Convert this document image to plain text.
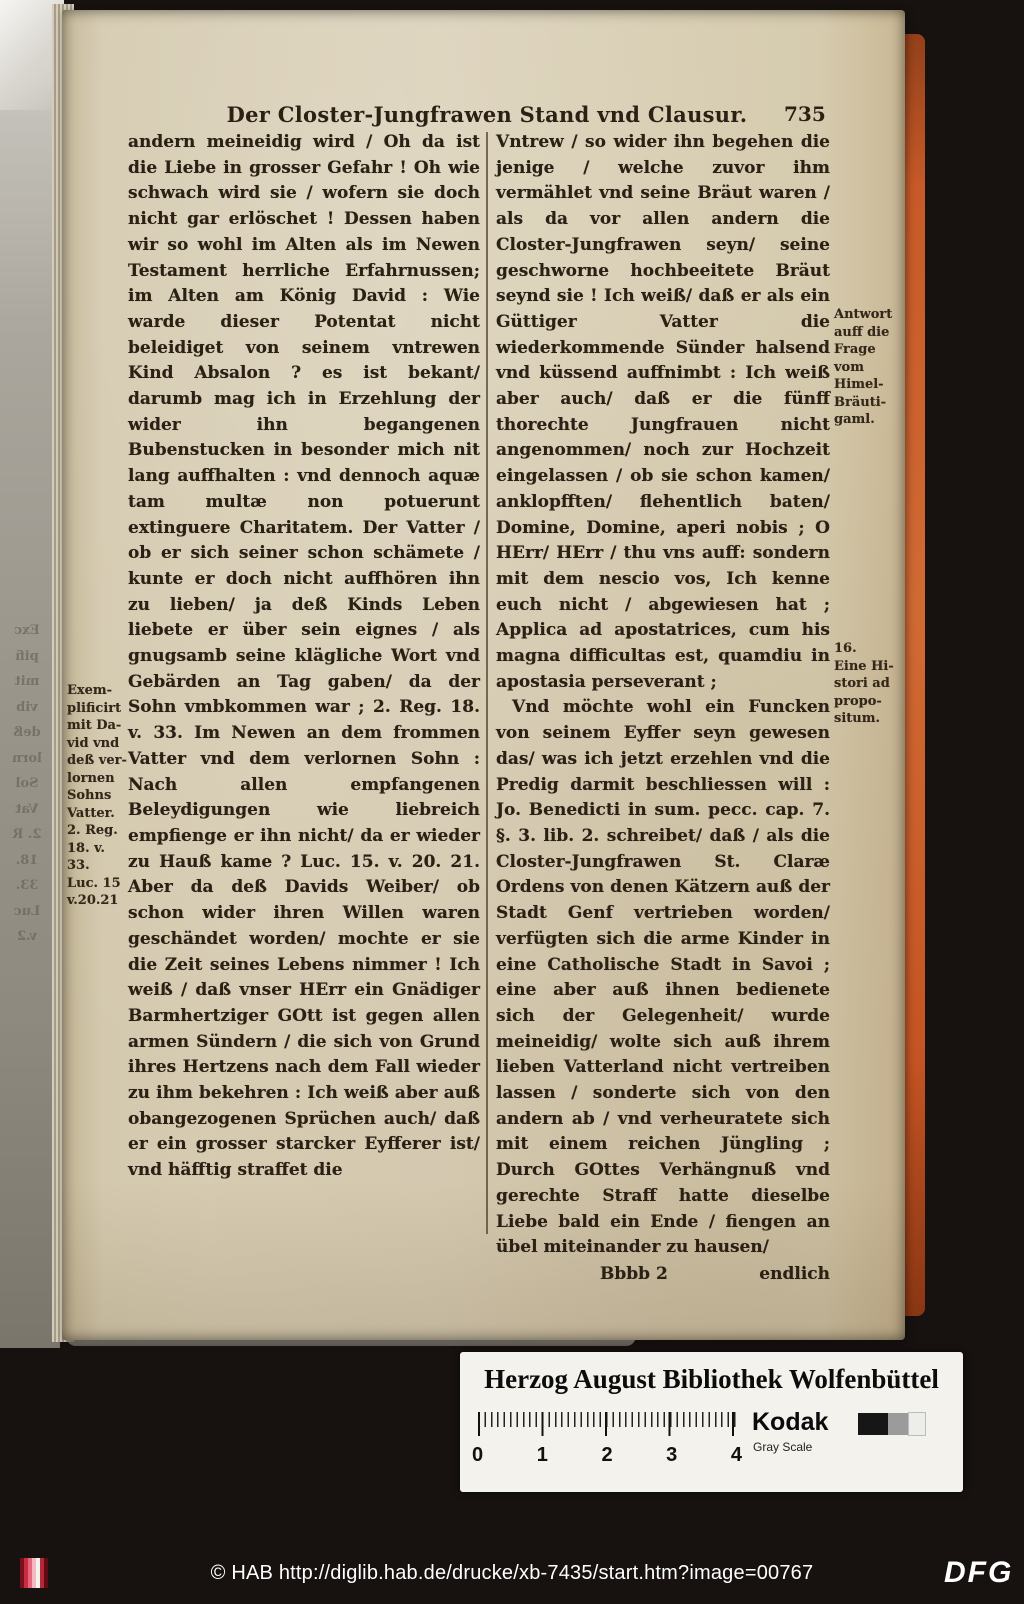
Exc
pifi
mit
vib
deß
lorn
Sol
Vat
2. R
18.
33.
Luc
v.2
Der Closter-Jungfrawen Stand vnd Clausur.	735
Exem-
plificirt
mit Da-
vid vnd
deß ver-
lornen
Sohns
Vatter.
2. Reg.
18. v.
33.
Luc. 15
v.20.21

andern meineidig wird / Oh da ist die Liebe in grosser Gefahr ! Oh wie schwach wird sie / wofern sie doch nicht gar erlöschet ! Dessen haben wir so wohl im Alten als im Newen Testament herrliche Erfahrnussen; im Alten am König David : Wie warde dieser Potentat nicht beleidiget von seinem vntrewen Kind Absalon ? es ist bekant/ darumb mag ich in Erzehlung der wider ihn begangenen Bubenstucken in besonder mich nit lang auffhalten : vnd dennoch aquæ tam multæ non potuerunt extinguere Charitatem. Der Vatter / ob er sich seiner schon schämete / kunte er doch nicht auffhören ihn zu lieben/ ja deß Kinds Leben liebete er über sein eignes / als gnugsamb seine klägliche Wort vnd Gebärden an Tag gaben/ da der Sohn vmbkommen war ; 2. Reg. 18. v. 33. Im Newen an dem frommen Vatter vnd dem verlornen Sohn : Nach allen empfangenen Beleydigungen wie liebreich empfienge er ihn nicht/ da er wieder zu Hauß kame ? Luc. 15. v. 20. 21. Aber da deß Davids Weiber/ ob schon wider ihren Willen waren geschändet worden/ mochte er sie die Zeit seines Lebens nimmer ! Ich weiß / daß vnser HErr ein Gnädiger Barmhertziger GOtt ist gegen allen armen Sündern / die sich von Grund ihres Hertzens nach dem Fall wieder zu ihm bekehren : Ich weiß aber auß obangezogenen Sprüchen auch/ daß er ein grosser starcker Eyfferer ist/ vnd häfftig straffet die

Vntrew / so wider ihn begehen die jenige / welche zuvor ihm vermählet vnd seine Bräut waren / als da vor allen andern die Closter-Jungfrawen seyn/ seine geschworne hochbeeitete Bräut seynd sie ! Ich weiß/ daß er als ein Güttiger Vatter die wiederkommende Sünder halsend vnd küssend auffnimbt : Ich weiß aber auch/ daß er die fünff thorechte Jungfrauen nicht angenommen/ noch zur Hochzeit eingelassen / ob sie schon kamen/ anklopfften/ flehentlich baten/ Domine, Domine, aperi nobis ; O HErr/ HErr / thu vns auff: sondern mit dem nescio vos, Ich kenne euch nicht / abgewiesen hat ; Applica ad apostatrices, cum his magna difficultas est, quamdiu in apostasia perseverant ;

Vnd möchte wohl ein Funcken von seinem Eyffer seyn gewesen das/ was ich jetzt erzehlen vnd die Predig darmit beschliessen will : Jo. Benedicti in sum. pecc. cap. 7. §. 3. lib. 2. schreibet/ daß / als die Closter-Jungfrawen St. Claræ Ordens von denen Kätzern auß der Stadt Genf vertrieben worden/ verfügten sich die arme Kinder in eine Catholische Stadt in Savoi ; eine aber auß ihnen bedienete sich der Gelegenheit/ wurde meineidig/ wolte sich auß ihrem lieben Vatterland nicht vertreiben lassen / sonderte sich von den andern ab / vnd verheuratete sich mit einem reichen Jüngling ; Durch GOttes Verhängnuß vnd gerechte Straff hatte dieselbe Liebe bald ein Ende / fiengen an übel miteinander zu hausen/

Bbbb 2	endlich
Antwort
auff die
Frage
vom
Himel-
Bräuti-
gaml.
16.
Eine Hi-
stori ad
propo-
situm.
Herzog August Bibliothek Wolfenbüttel
0	1	2	3	4
Kodak
Gray Scale
© HAB http://diglib.hab.de/drucke/xb-7435/start.htm?image=00767	DFG
